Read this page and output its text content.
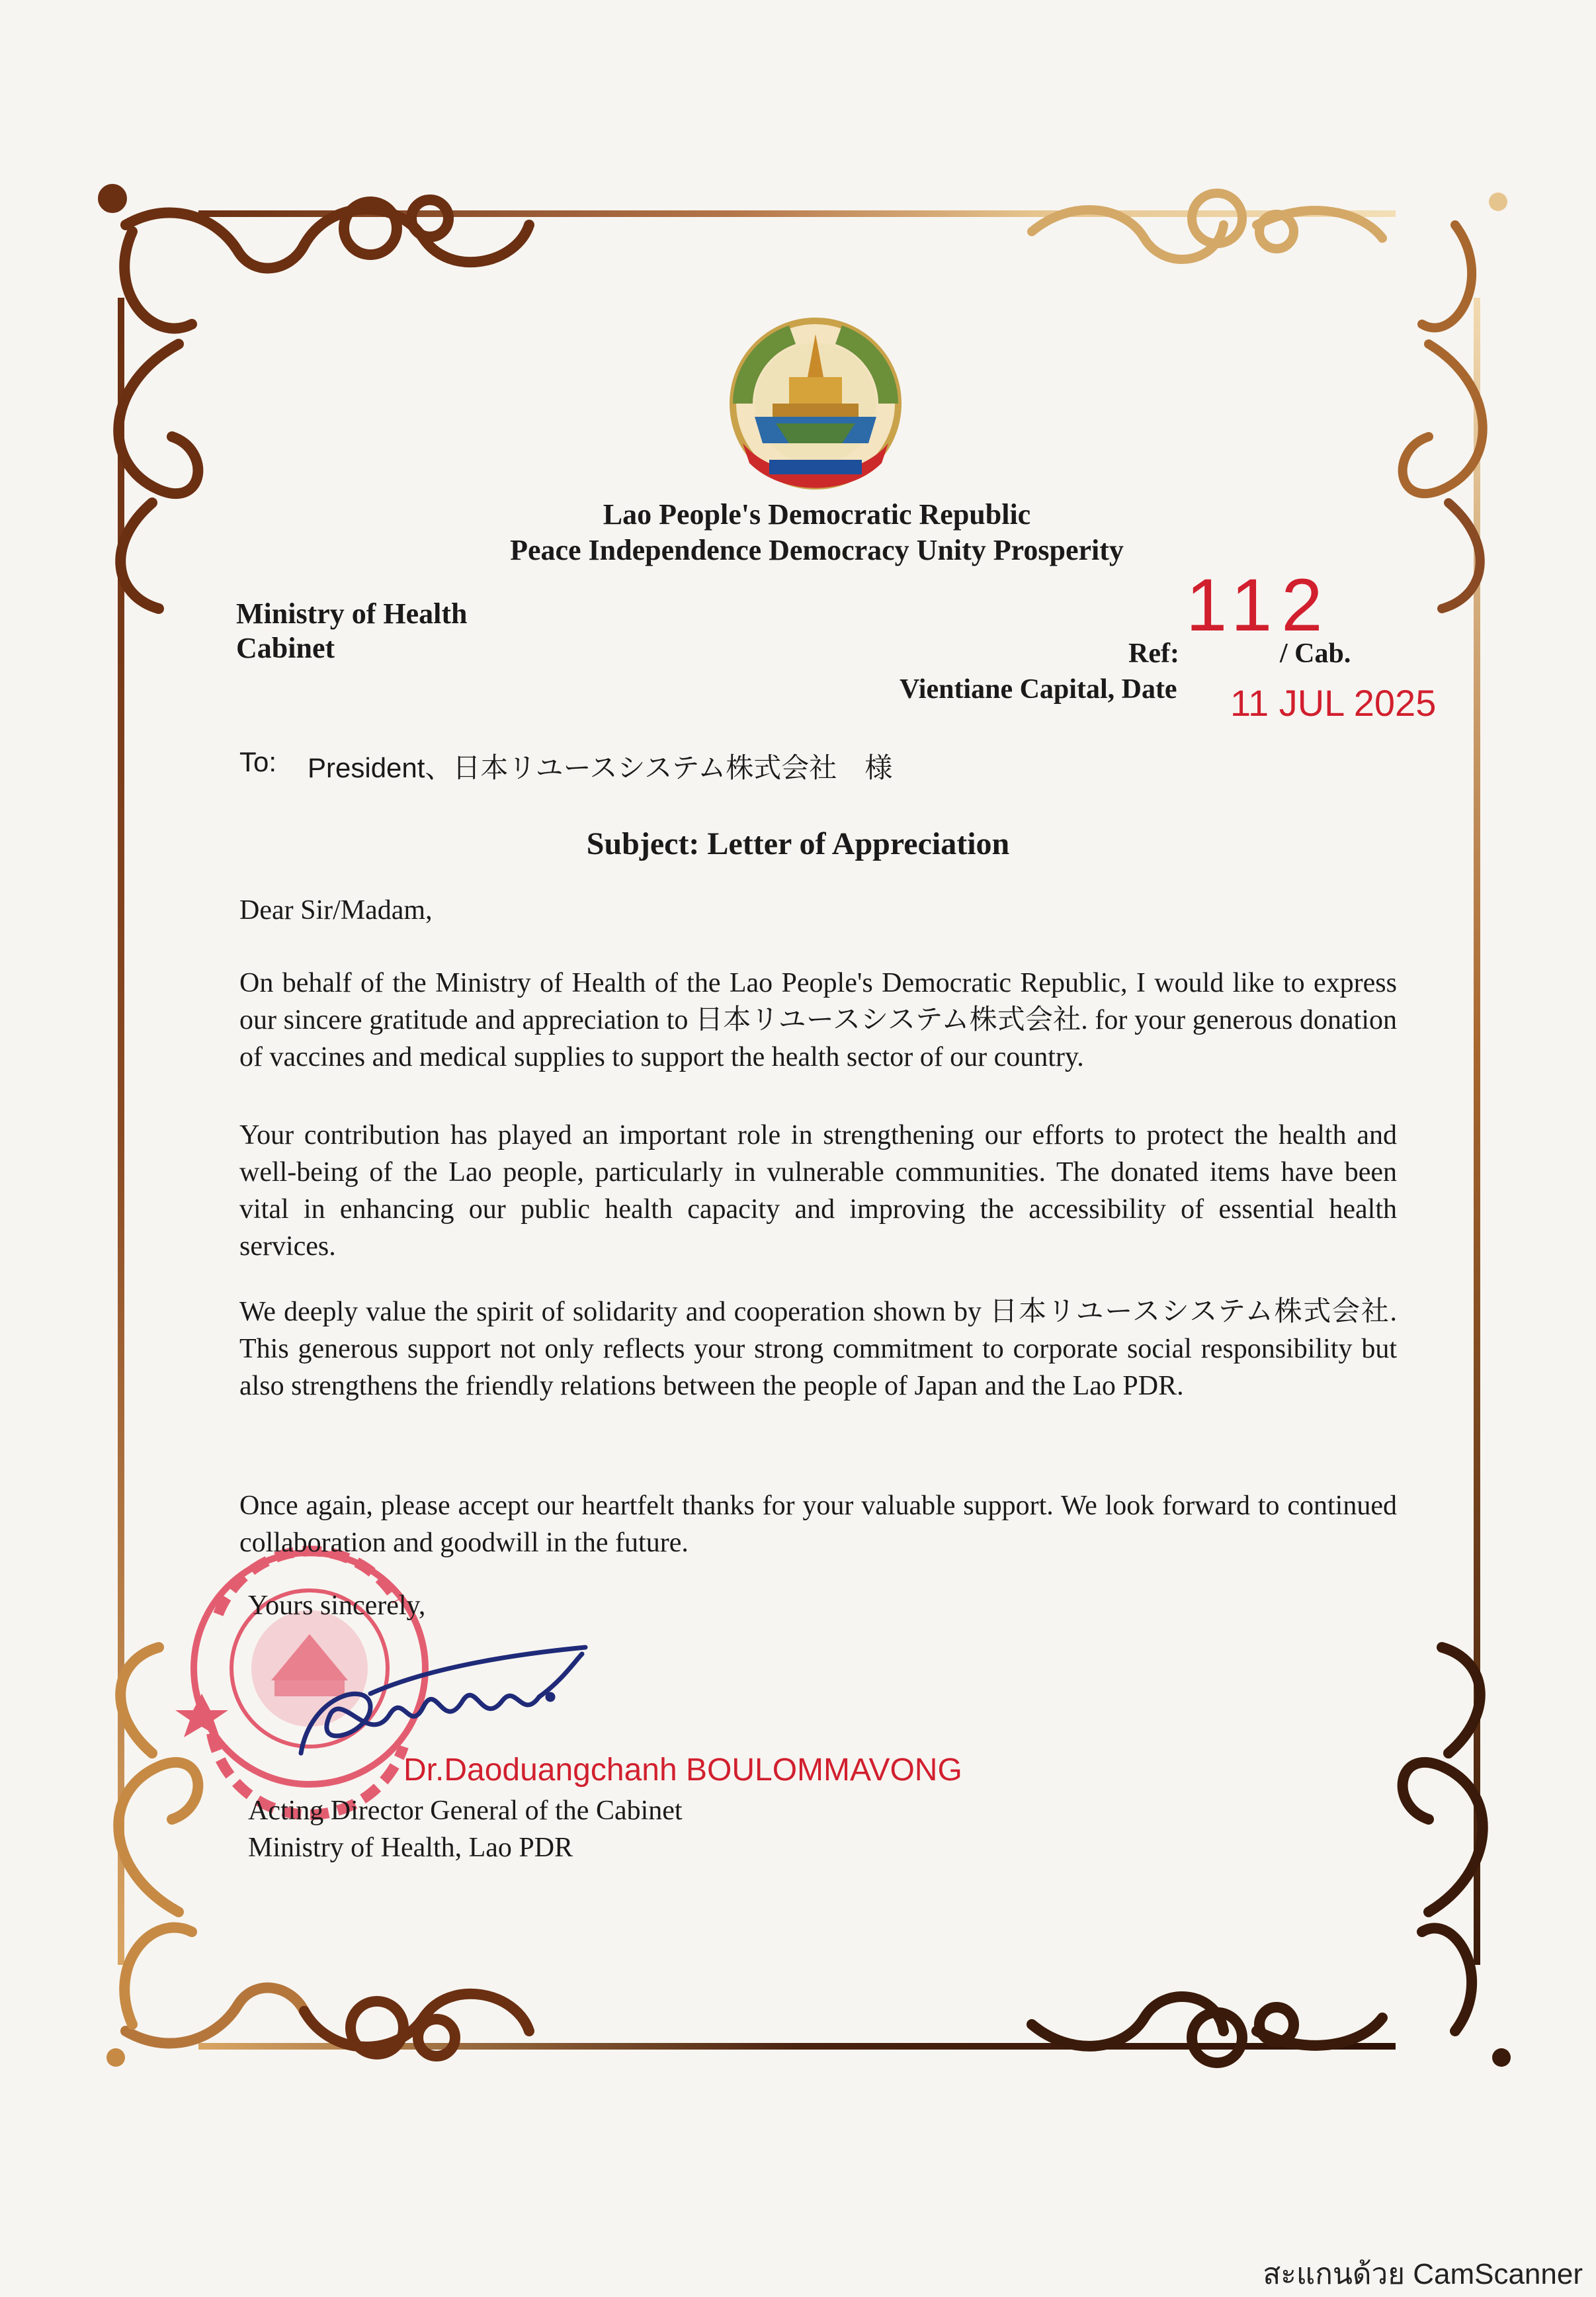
Lao People's Democratic Republic
Peace Independence Democracy Unity Prosperity
Ministry of Health
Cabinet
112
Ref:	/ Cab.
Vientiane Capital, Date 11 JUL 2025
To: President、日本リユースシステム株式会社　様
Subject: Letter of Appreciation
Dear Sir/Madam,

On behalf of the Ministry of Health of the Lao People's Democratic Republic, I would like to express our sincere gratitude and appreciation to 日本リユースシステム株式会社. for your generous donation of vaccines and medical supplies to support the health sector of our country.

Your contribution has played an important role in strengthening our efforts to protect the health and well-being of the Lao people, particularly in vulnerable communities. The donated items have been vital in enhancing our public health capacity and improving the accessibility of essential health services.

We deeply value the spirit of solidarity and cooperation shown by 日本リユースシステム株式会社. This generous support not only reflects your strong commitment to corporate social responsibility but also strengthens the friendly relations between the people of Japan and the Lao PDR.

Once again, please accept our heartfelt thanks for your valuable support. We look forward to continued collaboration and goodwill in the future.

Yours sincerely,
Dr.Daoduangchanh BOULOMMAVONG
Acting Director General of the Cabinet
Ministry of Health, Lao PDR
สะแกนด้วย CamScanner
